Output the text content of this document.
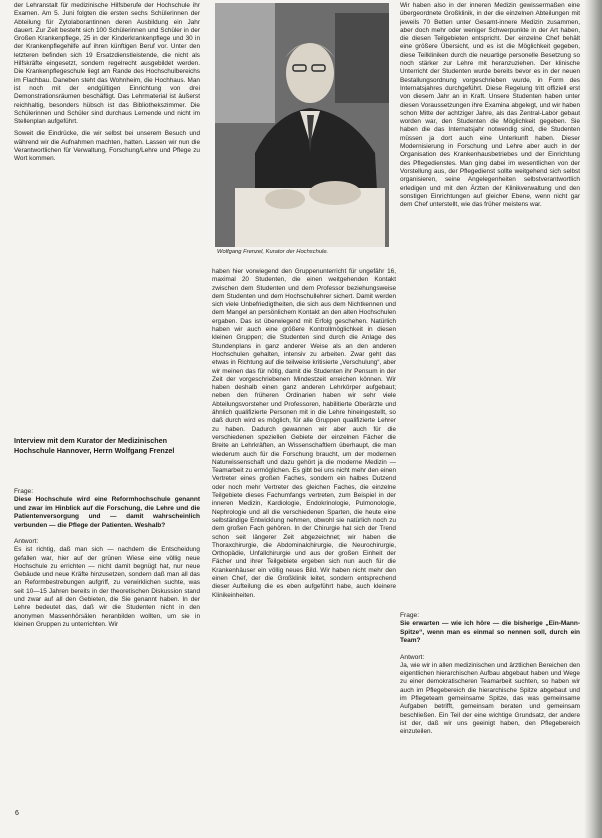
der Lehranstalt für medizinische Hilfsberufe der Hochschule ihr Examen. Am 5. Juni folgten die ersten sechs Schülerinnen der Abteilung für Zytolaborantinnen deren Ausbildung ein Jahr dauert. Zur Zeit besteht sich 100 Schülerinnen und Schüler in der Großen Krankenpflege, 25 in der Kinderkrankenpflege und 30 in der Krankenpflegehilfe auf ihren künftigen Beruf vor. Unter den letzteren befinden sich 19 Ersatzdienstleistende, die nicht als Hilfskräfte eingesetzt, sondern regelrecht ausgebildet werden. Die Krankenpflegeschule liegt am Rande des Hochschulbereichs im Flachbau. Daneben steht das Wohnheim, die Hochhaus. Man ist noch mit der endgültigen Einrichtung von drei Demonstrationsräumen beschäftigt. Das Lehrmaterial ist äußerst reichhaltig, besonders hübsch ist das Bibliothekszimmer. Die Schülerinnen und Schüler sind durchaus Lernende und nicht im Stellenplan aufgeführt.

Soweit die Eindrücke, die wir selbst bei unserem Besuch und während wir die Aufnahmen machten, hatten. Lassen wir nun die Verantwortlichen für Verwaltung, Forschung/Lehre und Pflege zu Wort kommen.

Wolfgang Frenzel, Kurator der Hochschule.
Interview mit dem Kurator der Medizinischen Hochschule Hannover, Herrn Wolfgang Frenzel

Frage:

Diese Hochschule wird eine Reformhochschule genannt und zwar im Hinblick auf die Forschung, die Lehre und die Patientenversorgung und — damit wahrscheinlich verbunden — die Pflege der Patienten. Weshalb?

Antwort:

Es ist richtig, daß man sich — nachdem die Entscheidung gefallen war, hier auf der grünen Wiese eine völlig neue Hochschule zu errichten — nicht damit begnügt hat, nur neue Gebäude und neue Kräfte hinzusetzen, sondern daß man all das an Reformbestrebungen aufgriff, zu verwirklichen suchte, was seit 10—15 Jahren bereits in der theoretischen Diskussion stand und zwar auf all den Gebieten, die Sie genannt haben. In der Lehre bedeutet das, daß wir die Studenten nicht in den anonymen Massenhörsälen heranbilden wollten, um sie in kleinen Gruppen zu unterrichten. Wir

haben hier vorwiegend den Gruppenunterricht für ungefähr 16, maximal 20 Studenten, die einen weitgehenden Kontakt zwischen dem Studenten und dem Professor beziehungsweise dem Studenten und dem Hochschullehrer sichert. Damit werden sich viele Unbefriedigtheiten, die sich aus dem Nichtkennen und dem Mangel an persönlichem Kontakt an den alten Hochschulen ergaben. Das ist überwiegend mit Erfolg geschehen. Natürlich haben wir auch eine größere Kontrollmöglichkeit in diesen kleinen Gruppen; die Studenten sind durch die Anlage des Stundenplans in ganz anderer Weise als an den anderen Hochschulen gehalten, intensiv zu arbeiten. Zwar geht das etwas in Richtung auf die teilweise kritisierte „Verschulung“, aber wir meinen das für nötig, damit die Studenten ihr Pensum in der Zeit der vorgeschriebenen Mindestzeit erreichen können. Wir haben deshalb einen ganz anderen Lehrkörper aufgebaut; neben den früheren Ordinarien haben wir sehr viele Abteilungsvorsteher und Professoren, habilitierte Oberärzte und ähnlich qualifizierte Personen mit in die Lehre hineingestellt, so daß durch wird es möglich, für alle Gruppen qualifizierte Lehrer zu haben. Dadurch gewannen wir aber auch für die verschiedenen speziellen Gebiete der einzelnen Fächer die Breite an Lehrkräften, an Wissenschaftlern überhaupt, die man wiederum auch für die Forschung braucht, um der modernen Naturwissenschaft und dazu gehört ja die moderne Medizin — Teamarbeit zu ermöglichen. Es gibt bei uns nicht mehr den einen Vertreter eines großen Faches, sondern ein halbes Dutzend oder noch mehr Vertreter des gleichen Faches, die einzelne Teilgebiete dieses Fachumfangs vertreten, zum Beispiel in der inneren Medizin, Kardiologie, Endokrinologie, Pulmonologie, Nephrologie und all die verschiedenen Sparten, die heute eine selbständige Entwicklung nehmen, obwohl sie natürlich noch zu dem großen Fach gehören. In der Chirurgie hat sich der Trend schon seit längerer Zeit abgezeichnet; wir haben die Thoraxchirurgie, die Abdominalchirurgie, die Neurochirurgie, Orthopädie, Unfallchirurgie und aus der großen Einheit der Fächer und ihrer Teilgebiete ergeben sich nun auch für die Krankenhäuser ein völlig neues Bild. Wir haben nicht mehr den einen Chef, der die Großklinik leitet, sondern entsprechend dieser Aufteilung die es eben aufgeführt habe, auch kleinere Klinikeinheiten.

Wir haben also in der inneren Medizin gewissermaßen eine übergeordnete Großklinik, in der die einzelnen Abteilungen mit jeweils 70 Betten unter Gesamt-innere Medizin zusammen, aber doch mehr oder weniger Schwerpunkte in der Art haben, die diesen Teilgebieten entspricht. Der einzelne Chef behält eine größere Übersicht, und es ist die Möglichkeit gegeben, diese Teilkliniken durch die neuartige personelle Besetzung so noch stärker zur Lehre mit heranzuziehen. Der klinische Unterricht der Studenten wurde bereits bevor es in der neuen Bestallungsordnung vorgeschrieben wurde, in Form des Internatsjahres durchgeführt. Diese Regelung tritt offiziell erst von diesem Jahr an in Kraft. Unsere Studenten haben unter diesen Voraussetzungen ihre Examina abgelegt, und wir haben schon Mitte der achtziger Jahre, als das Zentral-Labor gebaut worden war, den Studenten die Möglichkeit gegeben. Sie haben die das Internatsjahr notwendig sind, die Studenten müssen ja dort auch eine Unterkunft haben. Dieser Modernisierung in Forschung und Lehre aber auch in der Organisation des Krankenhausbetriebes und der Einrichtung des Pflegedienstes. Man ging dabei im wesentlichen von der Vorstellung aus, der Pflegedienst sollte weitgehend sich selbst organisieren, seine Angelegenheiten selbstverantwortlich erledigen und mit den Ärzten der Klinikverwaltung und den sonstigen Einrichtungen auf gleicher Ebene, wenn nicht gar dem Chef unterstellt, wie das früher meistens war.

Frage:

Sie erwarten — wie ich höre — die bisherige „Ein-Mann-Spitze“, wenn man es einmal so nennen soll, durch ein Team?

Antwort:

Ja, wie wir in allen medizinischen und ärztlichen Bereichen den eigentlichen hierarchischen Aufbau abgebaut haben und Wege zu einer demokratischeren Teamarbeit suchten, so haben wir auch im Pflegebereich die hierarchische Spitze abgebaut und im Pflegeteam gemeinsame Spitze, das was gemeinsame Aufgaben betrifft, gemeinsam beraten und gemeinsam beschließen. Ein Teil der eine wichtige Grundsatz, der andere ist der, daß wir uns geeinigt haben, den Pflegebereich einzuteilen.

6
